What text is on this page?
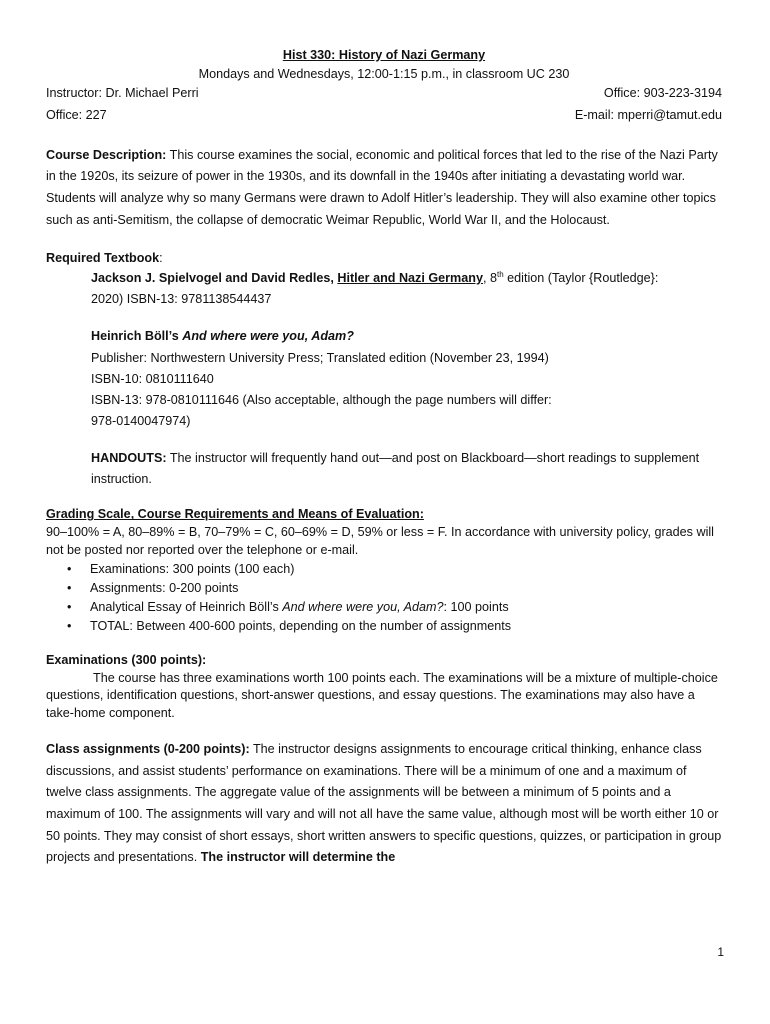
Hist 330: History of Nazi Germany

Mondays and Wednesdays, 12:00-1:15 p.m., in classroom UC 230

Instructor: Dr. Michael Perri	Office: 903-223-3194
Office: 227	E-mail: mperri@tamut.edu

Course Description: This course examines the social, economic and political forces that led to the rise of the Nazi Party in the 1920s, its seizure of power in the 1930s, and its downfall in the 1940s after initiating a devastating world war. Students will analyze why so many Germans were drawn to Adolf Hitler’s leadership. They will also examine other topics such as anti-Semitism, the collapse of democratic Weimar Republic, World War II, and the Holocaust.

Required Textbook:

Jackson J. Spielvogel and David Redles, Hitler and Nazi Germany, 8th edition (Taylor {Routledge}:

2020) ISBN-13: 9781138544437

Heinrich Böll’s And where were you, Adam?

Publisher: Northwestern University Press; Translated edition (November 23, 1994)

ISBN-10: 0810111640

ISBN-13: 978-0810111646 (Also acceptable, although the page numbers will differ:

978-0140047974)

HANDOUTS: The instructor will frequently hand out—and post on Blackboard—short readings to supplement instruction.

Grading Scale, Course Requirements and Means of Evaluation:

90–100% = A, 80–89% = B, 70–79% = C, 60–69% = D, 59% or less = F. In accordance with university policy, grades will not be posted nor reported over the telephone or e-mail.

• Examinations: 300 points (100 each)
• Assignments: 0-200 points
• Analytical Essay of Heinrich Böll’s And where were you, Adam?: 100 points
• TOTAL: Between 400-600 points, depending on the number of assignments

Examinations (300 points):

The course has three examinations worth 100 points each. The examinations will be a mixture of multiple-choice questions, identification questions, short-answer questions, and essay questions. The examinations may also have a take-home component.

Class assignments (0-200 points): The instructor designs assignments to encourage critical thinking, enhance class discussions, and assist students’ performance on examinations. There will be a minimum of one and a maximum of twelve class assignments. The aggregate value of the assignments will be between a minimum of 5 points and a maximum of 100. The assignments will vary and will not all have the same value, although most will be worth either 10 or 50 points. They may consist of short essays, short written answers to specific questions, quizzes, or participation in group projects and presentations. The instructor will determine the

1
